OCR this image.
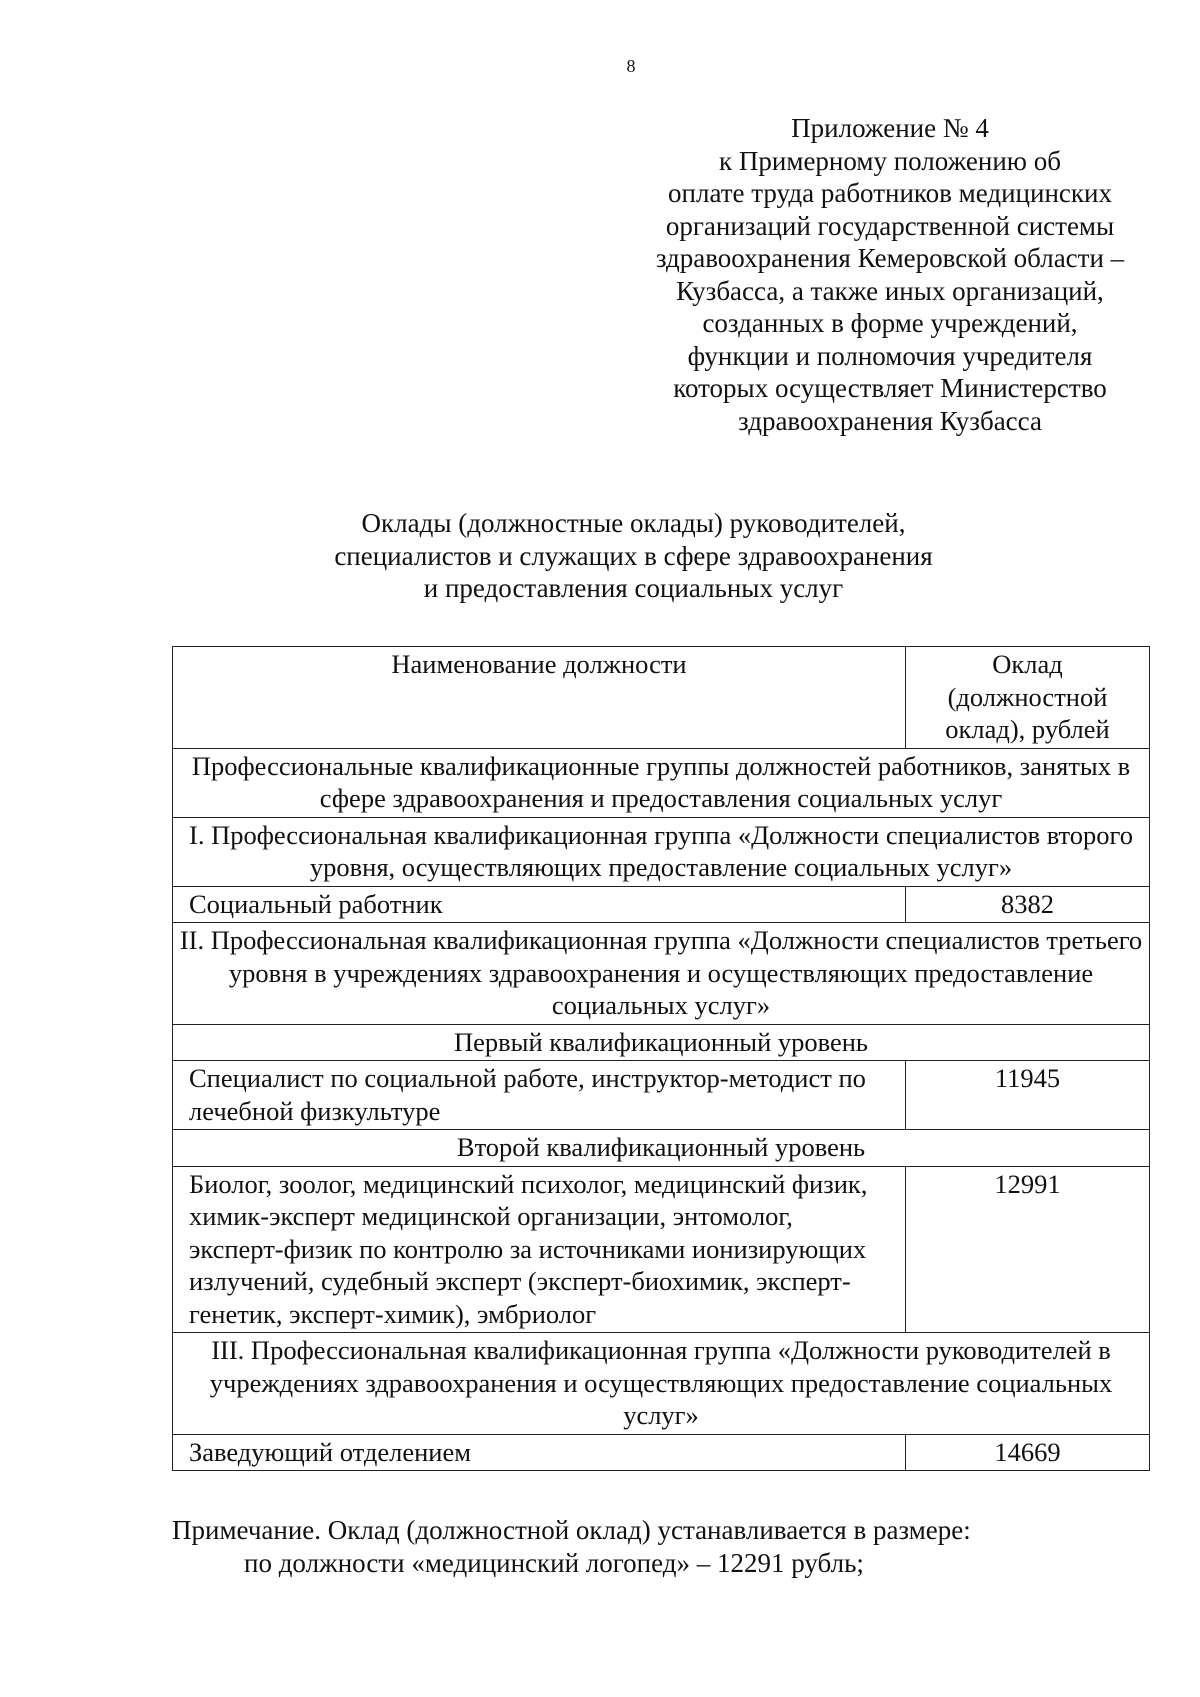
8
Приложение № 4
к Примерному положению об
оплате труда работников медицинских
организаций государственной системы
здравоохранения Кемеровской области –
Кузбасса, а также иных организаций,
созданных в форме учреждений,
функции и полномочия учредителя
которых осуществляет Министерство
здравоохранения Кузбасса
Оклады (должностные оклады) руководителей,
специалистов и служащих в сфере здравоохранения
и предоставления социальных услуг
Наименование должности	Оклад (должностной оклад), рублей
Профессиональные квалификационные группы должностей работников, занятых в сфере здравоохранения и предоставления социальных услуг	
I. Профессиональная квалификационная группа «Должности специалистов второго уровня, осуществляющих предоставление социальных услуг»	
Социальный работник	8382
II. Профессиональная квалификационная группа «Должности специалистов третьего уровня в учреждениях здравоохранения и осуществляющих предоставление социальных услуг»	
Первый квалификационный уровень	
Специалист по социальной работе, инструктор-методист по лечебной физкультуре	11945
Второй квалификационный уровень	
Биолог, зоолог, медицинский психолог, медицинский физик, химик-эксперт медицинской организации, энтомолог, эксперт-физик по контролю за источниками ионизирующих излучений, судебный эксперт (эксперт-биохимик, эксперт-генетик, эксперт-химик), эмбриолог	12991
III. Профессиональная квалификационная группа «Должности руководителей в учреждениях здравоохранения и осуществляющих предоставление социальных услуг»	
Заведующий отделением	14669
Примечание. Оклад (должностной оклад) устанавливается в размере:
по должности «медицинский логопед» – 12291 рубль;
